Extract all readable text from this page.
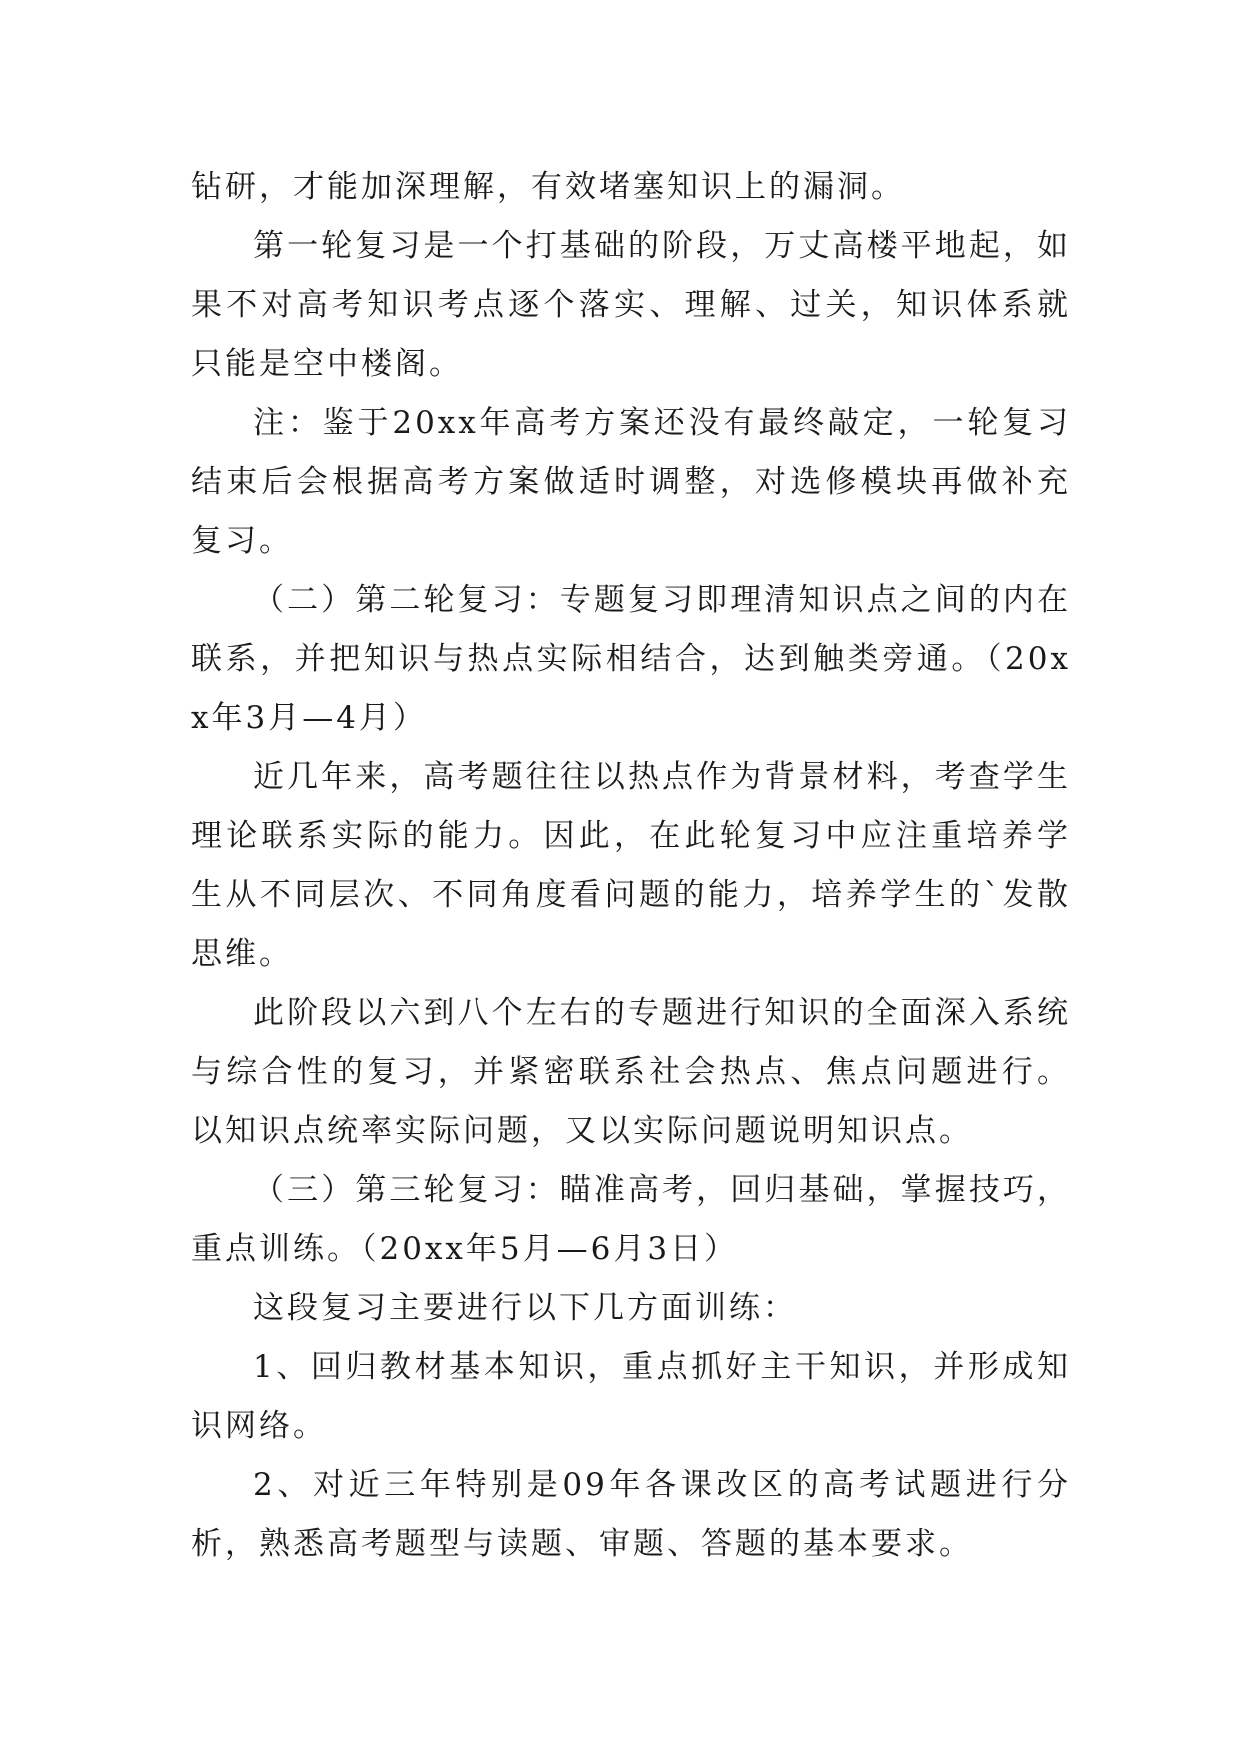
钻研，才能加深理解，有效堵塞知识上的漏洞。

第一轮复习是一个打基础的阶段，万丈高楼平地起，如果不对高考知识考点逐个落实、理解、过关，知识体系就只能是空中楼阁。

注：鉴于20xx年高考方案还没有最终敲定，一轮复习结束后会根据高考方案做适时调整，对选修模块再做补充复习。

（二）第二轮复习：专题复习即理清知识点之间的内在联系，并把知识与热点实际相结合，达到触类旁通。（20xx年3月—4月）

近几年来，高考题往往以热点作为背景材料，考查学生理论联系实际的能力。因此，在此轮复习中应注重培养学生从不同层次、不同角度看问题的能力，培养学生的`发散思维。

此阶段以六到八个左右的专题进行知识的全面深入系统与综合性的复习，并紧密联系社会热点、焦点问题进行。以知识点统率实际问题，又以实际问题说明知识点。

（三）第三轮复习：瞄准高考，回归基础，掌握技巧，重点训练。（20xx年5月—6月3日）

这段复习主要进行以下几方面训练：

1、回归教材基本知识，重点抓好主干知识，并形成知识网络。

2、对近三年特别是09年各课改区的高考试题进行分析，熟悉高考题型与读题、审题、答题的基本要求。
